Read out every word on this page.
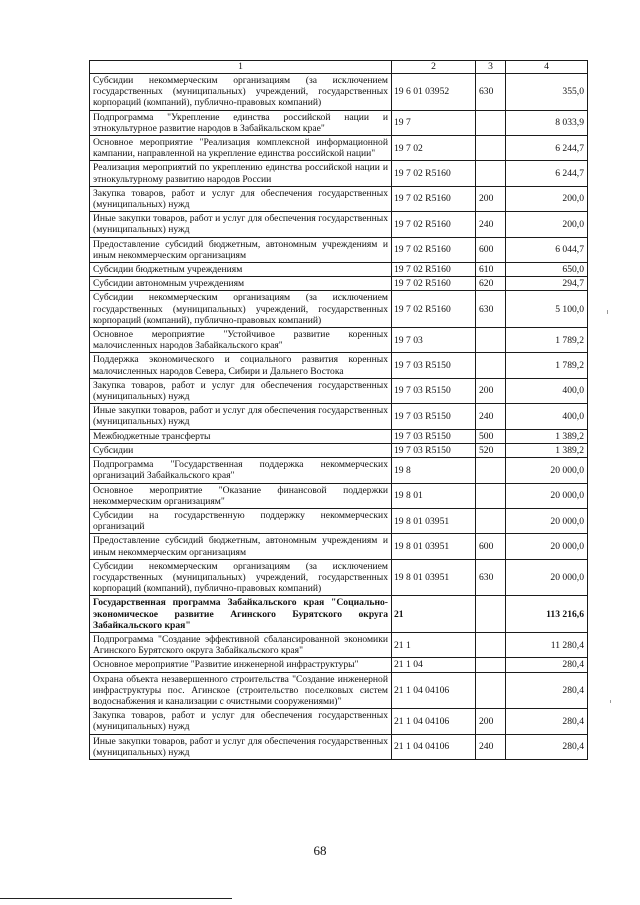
1	2	3	4
Субсидии некоммерческим организациям (за исключением государственных (муниципальных) учреждений, государственных корпораций (компаний), публично-правовых компаний)	19 6 01 03952	630	355,0
Подпрограмма "Укрепление единства российской нации и этнокультурное развитие народов в Забайкальском крае"	19 7		8 033,9
Основное мероприятие "Реализация комплексной информационной кампании, направленной на укрепление единства российской нации"	19 7 02		6 244,7
Реализация мероприятий по укреплению единства российской нации и этнокультурному развитию народов России	19 7 02 R5160		6 244,7
Закупка товаров, работ и услуг для обеспечения государственных (муниципальных) нужд	19 7 02 R5160	200	200,0
Иные закупки товаров, работ и услуг для обеспечения государственных (муниципальных) нужд	19 7 02 R5160	240	200,0
Предоставление субсидий бюджетным, автономным учреждениям и иным некоммерческим организациям	19 7 02 R5160	600	6 044,7
Субсидии бюджетным учреждениям	19 7 02 R5160	610	650,0
Субсидии автономным учреждениям	19 7 02 R5160	620	294,7
Субсидии некоммерческим организациям (за исключением государственных (муниципальных) учреждений, государственных корпораций (компаний), публично-правовых компаний)	19 7 02 R5160	630	5 100,0
Основное мероприятие "Устойчивое развитие коренных малочисленных народов Забайкальского края"	19 7 03		1 789,2
Поддержка экономического и социального развития коренных малочисленных народов Севера, Сибири и Дальнего Востока	19 7 03 R5150		1 789,2
Закупка товаров, работ и услуг для обеспечения государственных (муниципальных) нужд	19 7 03 R5150	200	400,0
Иные закупки товаров, работ и услуг для обеспечения государственных (муниципальных) нужд	19 7 03 R5150	240	400,0
Межбюджетные трансферты	19 7 03 R5150	500	1 389,2
Субсидии	19 7 03 R5150	520	1 389,2
Подпрограмма "Государственная поддержка некоммерческих организаций Забайкальского края"	19 8		20 000,0
Основное мероприятие "Оказание финансовой поддержки некоммерческим организациям"	19 8 01		20 000,0
Субсидии на государственную поддержку некоммерческих организаций	19 8 01 03951		20 000,0
Предоставление субсидий бюджетным, автономным учреждениям и иным некоммерческим организациям	19 8 01 03951	600	20 000,0
Субсидии некоммерческим организациям (за исключением государственных (муниципальных) учреждений, государственных корпораций (компаний), публично-правовых компаний)	19 8 01 03951	630	20 000,0
Государственная программа Забайкальского края "Социально-экономическое развитие Агинского Бурятского округа Забайкальского края"	21		113 216,6
Подпрограмма "Создание эффективной сбалансированной экономики Агинского Бурятского округа Забайкальского края"	21 1		11 280,4
Основное мероприятие "Развитие инженерной инфраструктуры"	21 1 04		280,4
Охрана объекта незавершенного строительства "Создание инженерной инфраструктуры пос. Агинское (строительство поселковых систем водоснабжения и канализации с очистными сооружениями)"	21 1 04 04106		280,4
Закупка товаров, работ и услуг для обеспечения государственных (муниципальных) нужд	21 1 04 04106	200	280,4
Иные закупки товаров, работ и услуг для обеспечения государственных (муниципальных) нужд	21 1 04 04106	240	280,4
68
